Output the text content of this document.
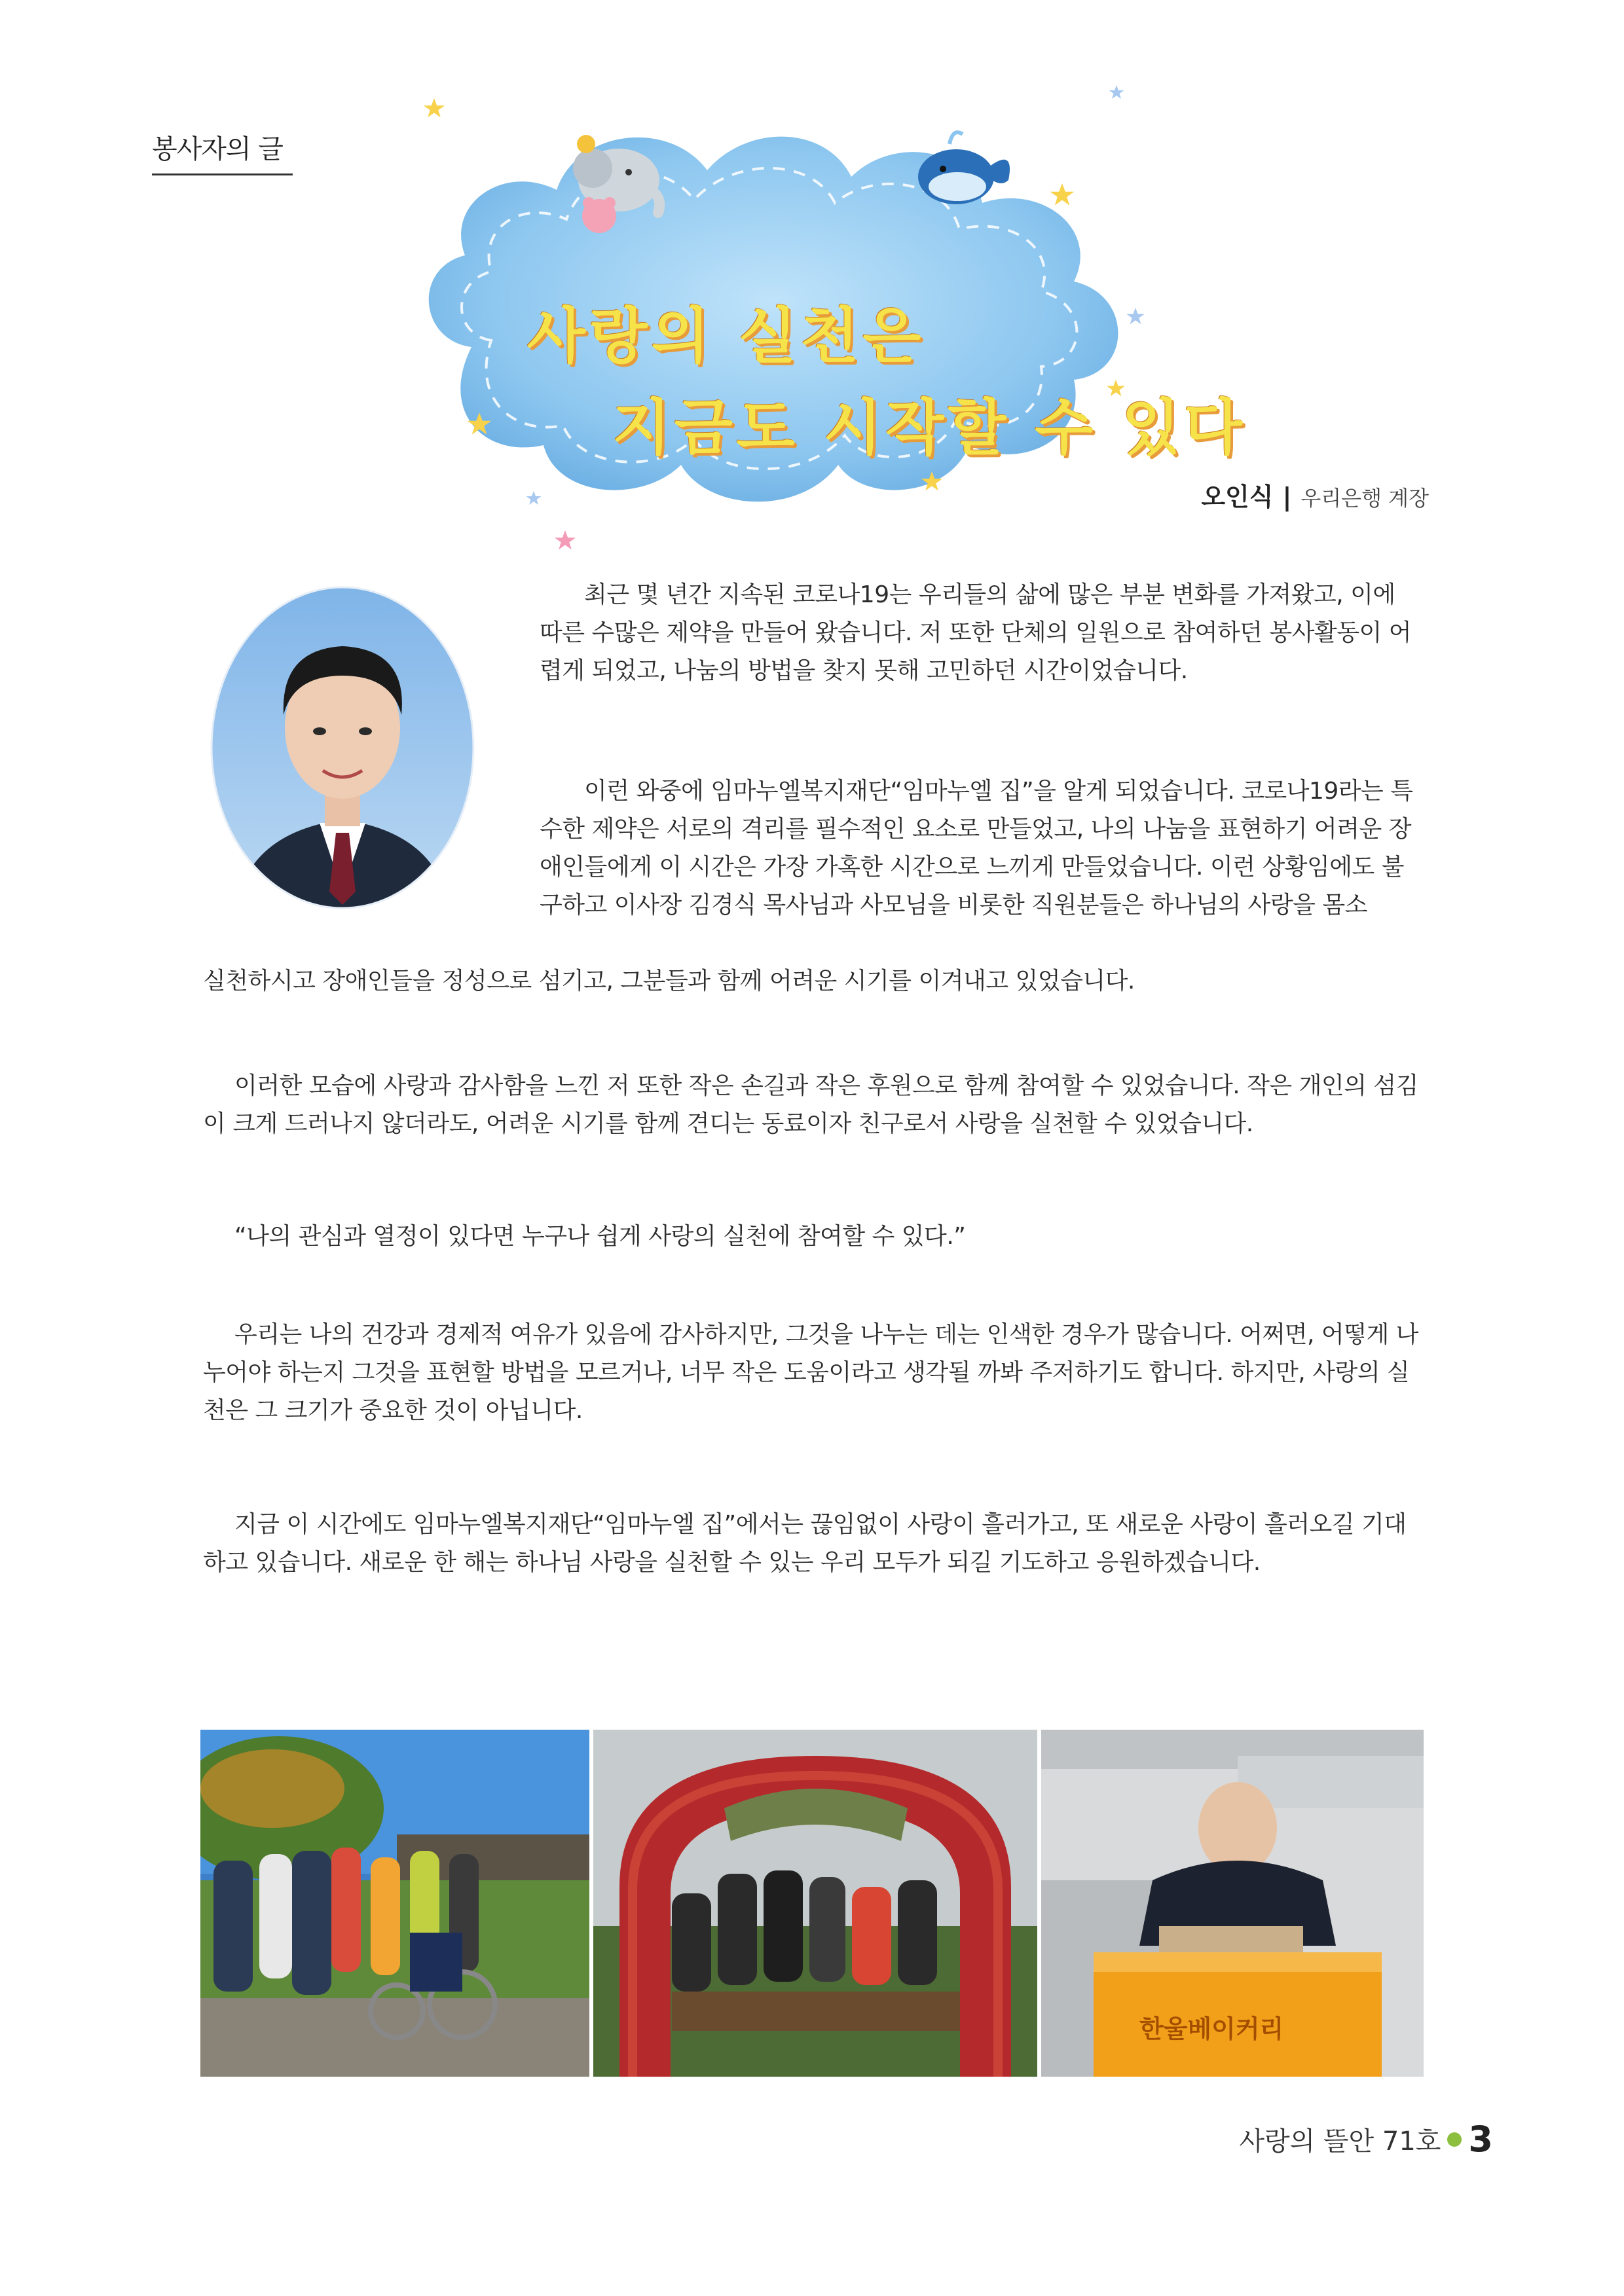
봉사자의 글
사랑의 실천은
지금도 시작할 수 있다
오인식 | 우리은행 계장

최근 몇 년간 지속된 코로나19는 우리들의 삶에 많은 부분 변화를 가져왔고, 이에 따른 수많은 제약을 만들어 왔습니다. 저 또한 단체의 일원으로 참여하던 봉사활동이 어렵게 되었고, 나눔의 방법을 찾지 못해 고민하던 시간이었습니다.

이런 와중에 임마누엘복지재단“임마누엘 집”을 알게 되었습니다. 코로나19라는 특수한 제약은 서로의 격리를 필수적인 요소로 만들었고, 나의 나눔을 표현하기 어려운 장애인들에게 이 시간은 가장 가혹한 시간으로 느끼게 만들었습니다. 이런 상황임에도 불구하고 이사장 김경식 목사님과 사모님을 비롯한 직원분들은 하나님의 사랑을 몸소

실천하시고 장애인들을 정성으로 섬기고, 그분들과 함께 어려운 시기를 이겨내고 있었습니다.

이러한 모습에 사랑과 감사함을 느낀 저 또한 작은 손길과 작은 후원으로 함께 참여할 수 있었습니다. 작은 개인의 섬김이 크게 드러나지 않더라도, 어려운 시기를 함께 견디는 동료이자 친구로서 사랑을 실천할 수 있었습니다.

“나의 관심과 열정이 있다면 누구나 쉽게 사랑의 실천에 참여할 수 있다.”

우리는 나의 건강과 경제적 여유가 있음에 감사하지만, 그것을 나누는 데는 인색한 경우가 많습니다. 어쩌면, 어떻게 나누어야 하는지 그것을 표현할 방법을 모르거나, 너무 작은 도움이라고 생각될 까봐 주저하기도 합니다. 하지만, 사랑의 실천은 그 크기가 중요한 것이 아닙니다.

지금 이 시간에도 임마누엘복지재단“임마누엘 집”에서는 끊임없이 사랑이 흘러가고, 또 새로운 사랑이 흘러오길 기대하고 있습니다. 새로운 한 해는 하나님 사랑을 실천할 수 있는 우리 모두가 되길 기도하고 응원하겠습니다.

한울베이커리
사랑의 뜰안 71호 3
